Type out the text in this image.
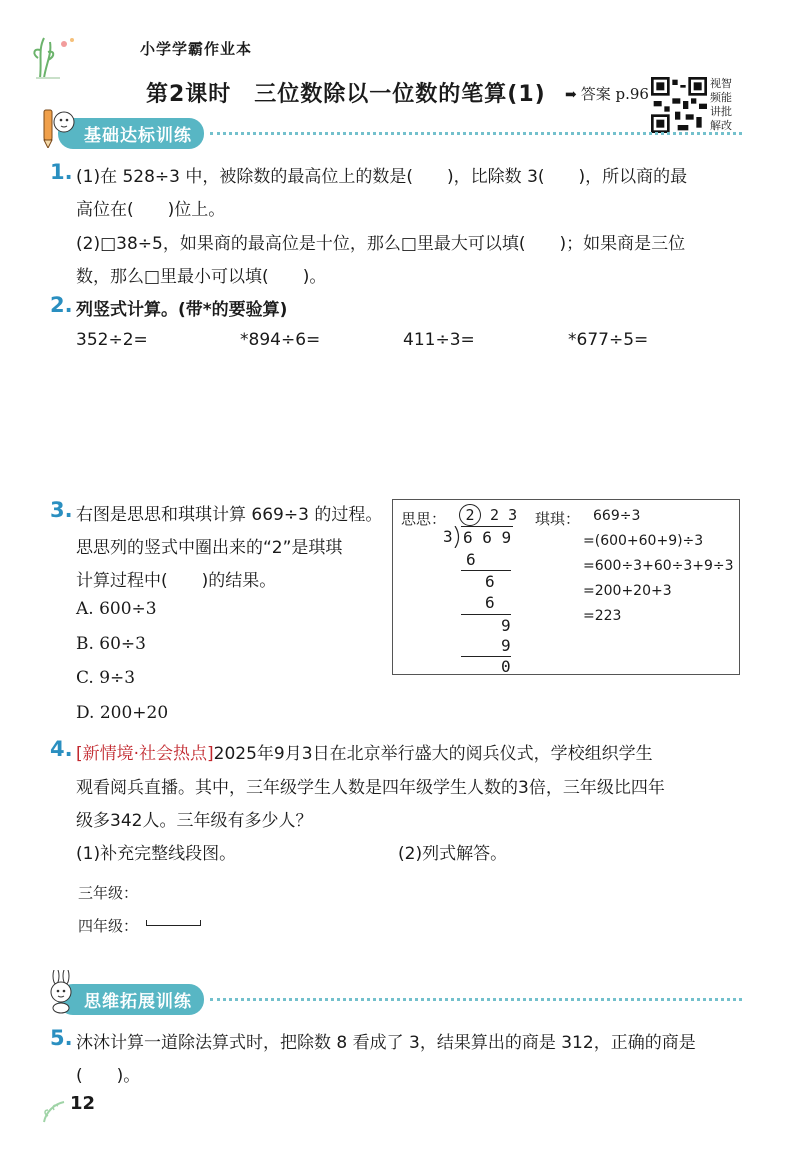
小学学霸作业本
第2课时　三位数除以一位数的笔算(1) ➡ 答案 p.96
视智
频能
讲批
解改
基础达标训练
1. (1)在 528÷3 中，被除数的最高位上的数是(　　)，比除数 3(　　)，所以商的最
高位在(　　)位上。
(2)□38÷5，如果商的最高位是十位，那么□里最大可以填(　　)；如果商是三位
数，那么□里最小可以填(　　)。
2. 列竖式计算。(带*的要验算)
352÷2=	*894÷6=	411÷3=	*677÷5=
3. 右图是思思和琪琪计算 669÷3 的过程。
思思列的竖式中圈出来的“2”是琪琪
计算过程中(　　)的结果。
A. 600÷3
B. 60÷3
C. 9÷3
D. 200+20
思思：	2 2 3
3 6 6 9
6
6
6
9
9
0
琪琪： 669÷3
=(600+60+9)÷3
=600÷3+60÷3+9÷3
=200+20+3
=223
4. [新情境·社会热点]2025年9月3日在北京举行盛大的阅兵仪式，学校组织学生
观看阅兵直播。其中，三年级学生人数是四年级学生人数的3倍，三年级比四年
级多342人。三年级有多少人？
(1)补充完整线段图。	(2)列式解答。
三年级：
四年级：
思维拓展训练
5. 沐沐计算一道除法算式时，把除数 8 看成了 3，结果算出的商是 312，正确的商是
(　　)。
12
